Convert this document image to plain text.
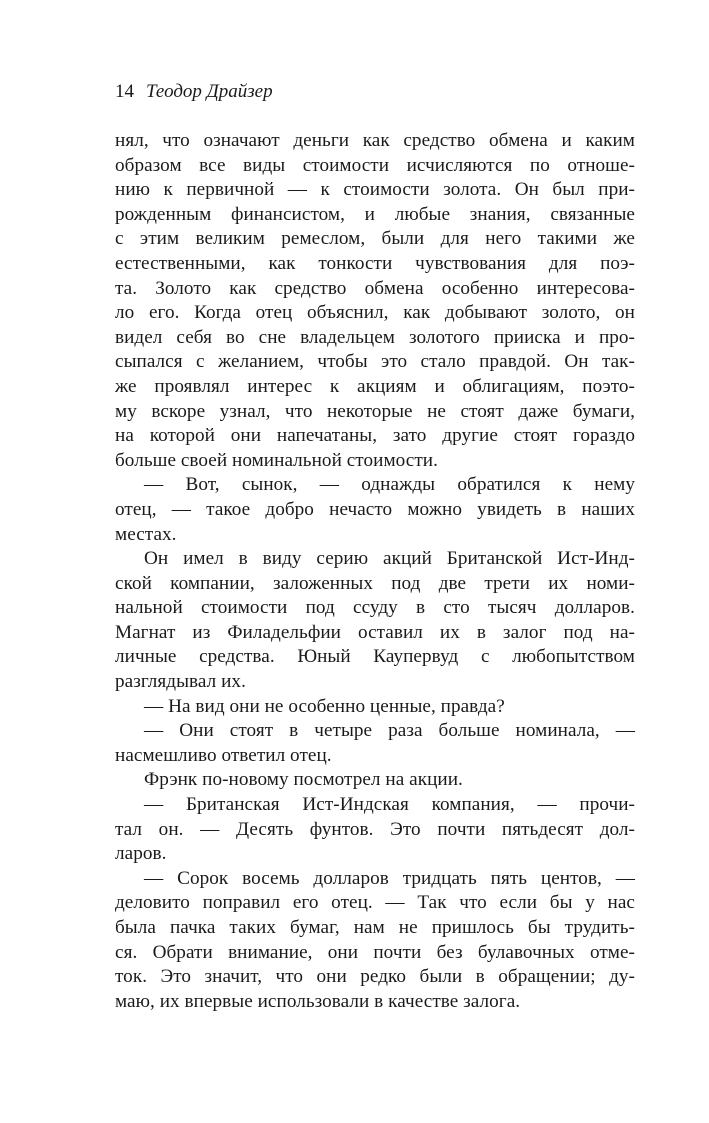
14 Теодор Драйзер
нял, что означают деньги как средство обмена и каким
образом все виды стоимости исчисляются по отноше-
нию к первичной — к стоимости золота. Он был при-
рожденным финансистом, и любые знания, связанные
с этим великим ремеслом, были для него такими же
естественными, как тонкости чувствования для поэ-
та. Золото как средство обмена особенно интересова-
ло его. Когда отец объяснил, как добывают золото, он
видел себя во сне владельцем золотого прииска и про-
сыпался с желанием, чтобы это стало правдой. Он так-
же проявлял интерес к акциям и облигациям, поэто-
му вскоре узнал, что некоторые не стоят даже бумаги,
на которой они напечатаны, зато другие стоят гораздо
больше своей номинальной стоимости.
— Вот, сынок, — однажды обратился к нему
отец, — такое добро нечасто можно увидеть в наших
местах.
Он имел в виду серию акций Британской Ист-Инд-
ской компании, заложенных под две трети их номи-
нальной стоимости под ссуду в сто тысяч долларов.
Магнат из Филадельфии оставил их в залог под на-
личные средства. Юный Каупервуд с любопытством
разглядывал их.
— На вид они не особенно ценные, правда?
— Они стоят в четыре раза больше номинала, —
насмешливо ответил отец.
Фрэнк по-новому посмотрел на акции.
— Британская Ист-Индская компания, — прочи-
тал он. — Десять фунтов. Это почти пятьдесят дол-
ларов.
— Сорок восемь долларов тридцать пять центов, —
деловито поправил его отец. — Так что если бы у нас
была пачка таких бумаг, нам не пришлось бы трудить-
ся. Обрати внимание, они почти без булавочных отме-
ток. Это значит, что они редко были в обращении; ду-
маю, их впервые использовали в качестве залога.
